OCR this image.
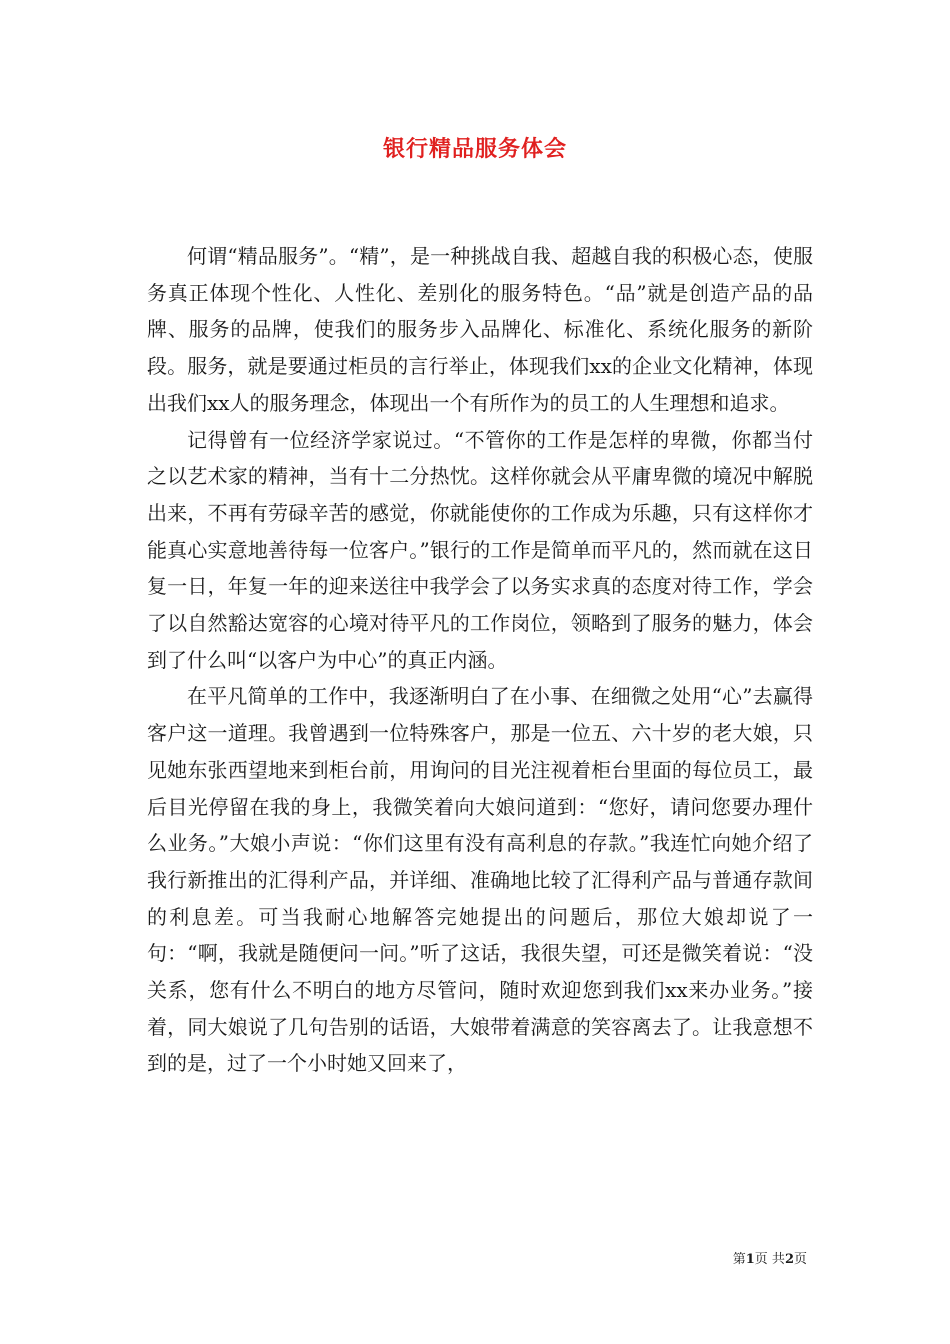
银行精品服务体会

何谓“精品服务”。“精”，是一种挑战自我、超越自我的积极心态，使服务真正体现个性化、人性化、差别化的服务特色。“品”就是创造产品的品牌、服务的品牌，使我们的服务步入品牌化、标准化、系统化服务的新阶段。服务，就是要通过柜员的言行举止，体现我们xx的企业文化精神，体现出我们xx人的服务理念，体现出一个有所作为的员工的人生理想和追求。

记得曾有一位经济学家说过。“不管你的工作是怎样的卑微，你都当付之以艺术家的精神，当有十二分热忱。这样你就会从平庸卑微的境况中解脱出来，不再有劳碌辛苦的感觉，你就能使你的工作成为乐趣，只有这样你才能真心实意地善待每一位客户。”银行的工作是简单而平凡的，然而就在这日复一日，年复一年的迎来送往中我学会了以务实求真的态度对待工作，学会了以自然豁达宽容的心境对待平凡的工作岗位，领略到了服务的魅力，体会到了什么叫“以客户为中心”的真正内涵。

在平凡简单的工作中，我逐渐明白了在小事、在细微之处用“心”去赢得客户这一道理。我曾遇到一位特殊客户，那是一位五、六十岁的老大娘，只见她东张西望地来到柜台前，用询问的目光注视着柜台里面的每位员工，最后目光停留在我的身上，我微笑着向大娘问道到：“您好，请问您要办理什么业务。”大娘小声说：“你们这里有没有高利息的存款。”我连忙向她介绍了我行新推出的汇得利产品，并详细、准确地比较了汇得利产品与普通存款间的利息差。可当我耐心地解答完她提出的问题后，那位大娘却说了一句：“啊，我就是随便问一问。”听了这话，我很失望，可还是微笑着说：“没关系，您有什么不明白的地方尽管问，随时欢迎您到我们xx来办业务。”接着，同大娘说了几句告别的话语，大娘带着满意的笑容离去了。让我意想不到的是，过了一个小时她又回来了，

第1页 共2页
